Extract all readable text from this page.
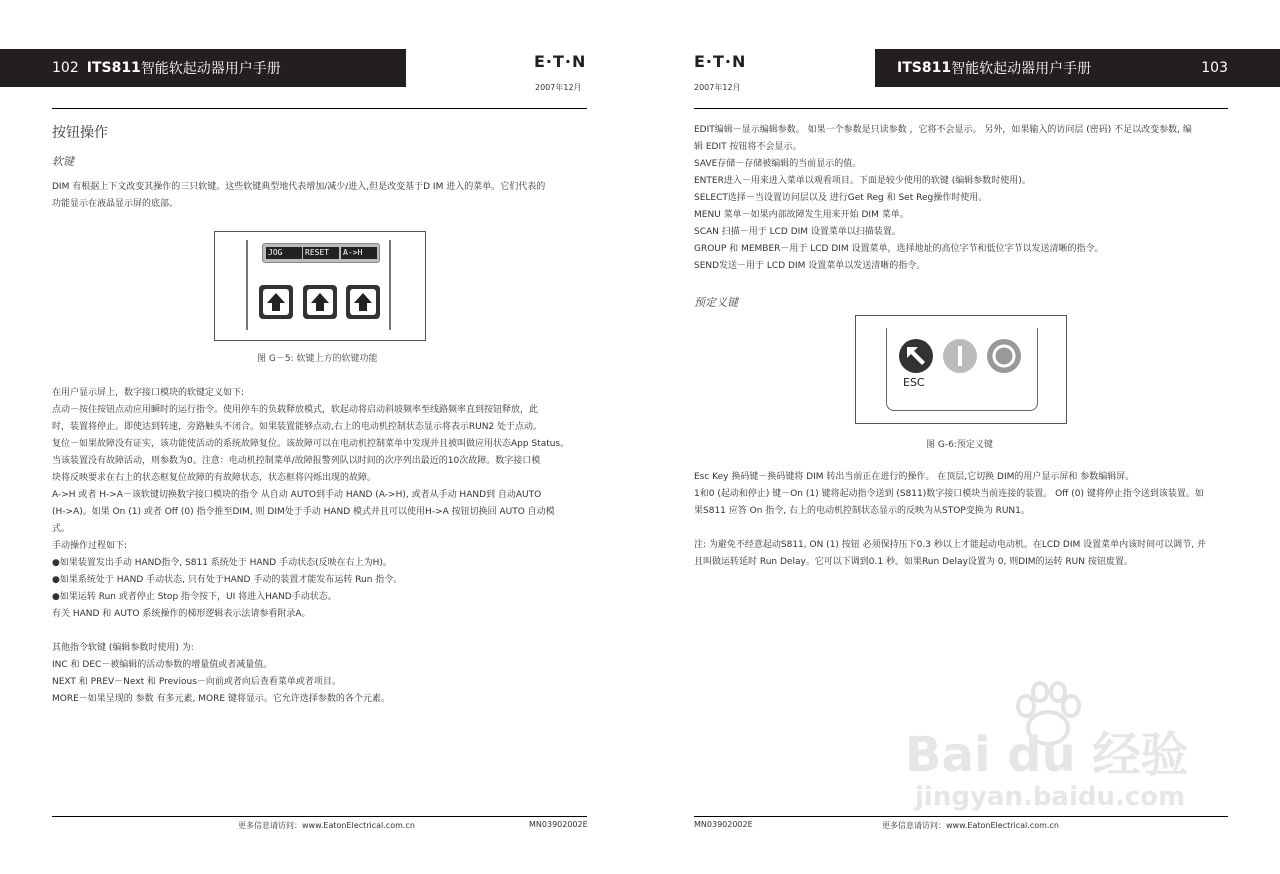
102 ITS811 智能软起动器用户手册	E·T·N
2007年12月
按钮操作
软键
DIM 有根据上下文改变其操作的三只软键。这些软键典型地代表增加/减少/进入,但是改变基于D IM 进入的菜单。它们代表的
功能显示在液晶显示屏的底部。
JOG	RESET	A->H
图 G－5: 软键上方的软键功能
在用户显示屏上，数字接口模块的软键定义如下:
点动－按住按钮点动应用瞬时的运行指令。使用停车的负载释放模式，软起动将启动斜坡频率至线路频率直到按钮释放，此
时，装置将停止。即使达到转速，旁路触头不闭合。如果装置能够点动,右上的电动机控制状态显示将表示RUN2 处于点动。
复位－如果故障没有证实，该功能使活动的系统故障复位。该故障可以在电动机控制菜单中发现并且被叫做应用状态App Status。
当该装置没有故障活动，则参数为0。注意：电动机控制菜单/故障报警列队以时间的次序列出最近的10次故障。数字接口模
块将反映要求在右上的状态框复位故障的有故障状态，状态框将闪烁出现的故障。
A->H 或者 H->A－该软键切换数字接口模块的指令 从自动 AUTO到手动 HAND (A->H), 或者从手动 HAND到 自动AUTO
(H->A)。如果 On (1) 或者 Off (0) 指令推至DIM, 则 DIM处于手动 HAND 模式并且可以使用H->A 按钮切换回 AUTO 自动模
式。
手动操作过程如下:
●如果装置发出手动 HAND指令, S811 系统处于 HAND 手动状态(反映在右上为H)。
●如果系统处于 HAND 手动状态, 只有处于HAND 手动的装置才能发布运转 Run 指令。
●如果运转 Run 或者停止 Stop 指令按下，UI 将进入HAND手动状态。
有关 HAND 和 AUTO 系统操作的梯形逻辑表示法请参看附录A。
其他指令软键 (编辑参数时使用) 为:
INC 和 DEC－被编辑的活动参数的增量值或者减量值。
NEXT 和 PREV－Next 和 Previous－向前或者向后查看菜单或者项目。
MORE－如果呈现的 参数 有多元素, MORE 键将显示。它允许选择参数的各个元素。
更多信息请访问：www.EatonElectrical.com.cn	MN03902002E
E·T·N
2007年12月
ITS811 智能软起动器用户手册	103
EDIT编辑－显示编辑参数。 如果一个参数是只读参数 ，它将不会显示。 另外，如果输入的访问层 (密码) 不足以改变参数, 编
辑 EDIT 按钮将不会显示。
SAVE存储－存储被编辑的当前显示的值。
ENTER进入－用来进入菜单以观看项目。下面是较少使用的软键 (编辑参数时使用)。
SELECT选择－当设置访问层以及 进行Get Reg 和 Set Reg操作时使用。
MENU 菜单－如果内部故障发生用来开始 DIM 菜单。
SCAN 扫描－用于 LCD DIM 设置菜单以扫描装置。
GROUP 和 MEMBER－用于 LCD DIM 设置菜单，选择地址的高位字节和低位字节以发送清晰的指令。
SEND发送－用于 LCD DIM 设置菜单以发送清晰的指令。
预定义键
ESC
图 G-6:预定义键
Esc Key 换码键－换码键将 DIM 转出当前正在进行的操作。 在顶层,它切换 DIM的用户显示屏和 参数编辑屏。
1和0 (起动和停止) 键－On (1) 键将起动指令送到 (S811)数字接口模块当前连接的装置。 Off (0) 键将停止指令送到该装置。如
果S811 应答 On 指令, 右上的电动机控制状态显示的反映为从STOP变换为 RUN1。
注: 为避免不经意起动S811, ON (1) 按钮 必须保持压下0.3 秒以上才能起动电动机。在LCD DIM 设置菜单内该时间可以调节, 并
且叫做运转延时 Run Delay。它可以下调到0.1 秒。如果Run Delay设置为 0, 则DIM的运转 RUN 按钮废置。
Bai du 经验
jingyan.baidu.com
MN03902002E	更多信息请访问：www.EatonElectrical.com.cn
